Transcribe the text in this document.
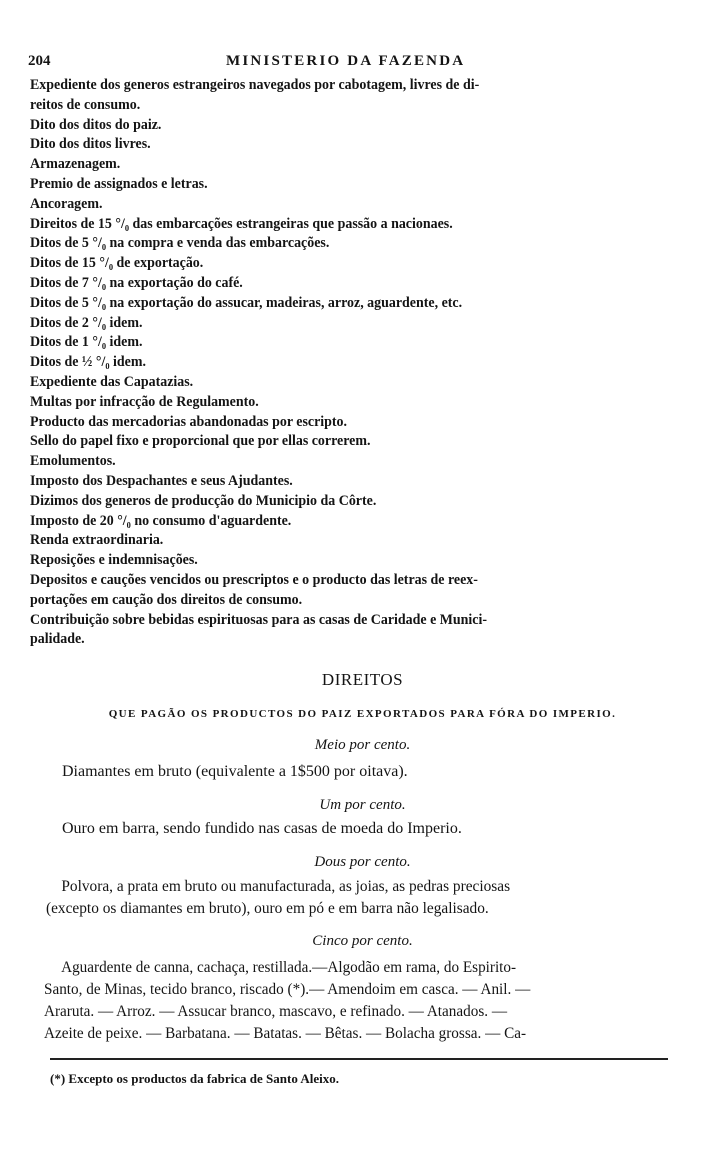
204	MINISTERIO DA FAZENDA
Expediente dos generos estrangeiros navegados por cabotagem, livres de di-
reitos de consumo.
Dito dos ditos do paiz.
Dito dos ditos livres.
Armazenagem.
Premio de assignados e letras.
Ancoragem.
Direitos de 15 °/₀ das embarcações estrangeiras que passão a nacionaes.
Ditos de 5 °/₀ na compra e venda das embarcações.
Ditos de 15 °/₀ de exportação.
Ditos de 7 °/₀ na exportação do café.
Ditos de 5 °/₀ na exportação do assucar, madeiras, arroz, aguardente, etc.
Ditos de 2 °/₀ idem.
Ditos de 1 °/₀ idem.
Ditos de ½ °/₀ idem.
Expediente das Capatazias.
Multas por infracção de Regulamento.
Producto das mercadorias abandonadas por escripto.
Sello do papel fixo e proporcional que por ellas correrem.
Emolumentos.
Imposto dos Despachantes e seus Ajudantes.
Dizimos dos generos de producção do Municipio da Côrte.
Imposto de 20 °/₀ no consumo d'aguardente.
Renda extraordinaria.
Reposições e indemnisações.
Depositos e cauções vencidos ou prescriptos e o producto das letras de reex-
portações em caução dos direitos de consumo.
Contribuição sobre bebidas espirituosas para as casas de Caridade e Munici-
palidade.
DIREITOS
QUE PAGÃO OS PRODUCTOS DO PAIZ EXPORTADOS PARA FÓRA DO IMPERIO.
Meio por cento.
Diamantes em bruto (equivalente a 1$500 por oitava).
Um por cento.
Ouro em barra, sendo fundido nas casas de moeda do Imperio.
Dous por cento.
Polvora, a prata em bruto ou manufacturada, as joias, as pedras preciosas
(excepto os diamantes em bruto), ouro em pó e em barra não legalisado.
Cinco por cento.
Aguardente de canna, cachaça, restillada.—Algodão em rama, do Espirito-
Santo, de Minas, tecido branco, riscado (*).— Amendoim em casca. — Anil. —
Araruta. — Arroz. — Assucar branco, mascavo, e refinado. — Atanados. —
Azeite de peixe. — Barbatana. — Batatas. — Bêtas. — Bolacha grossa. — Ca-
(*) Excepto os productos da fabrica de Santo Aleixo.
